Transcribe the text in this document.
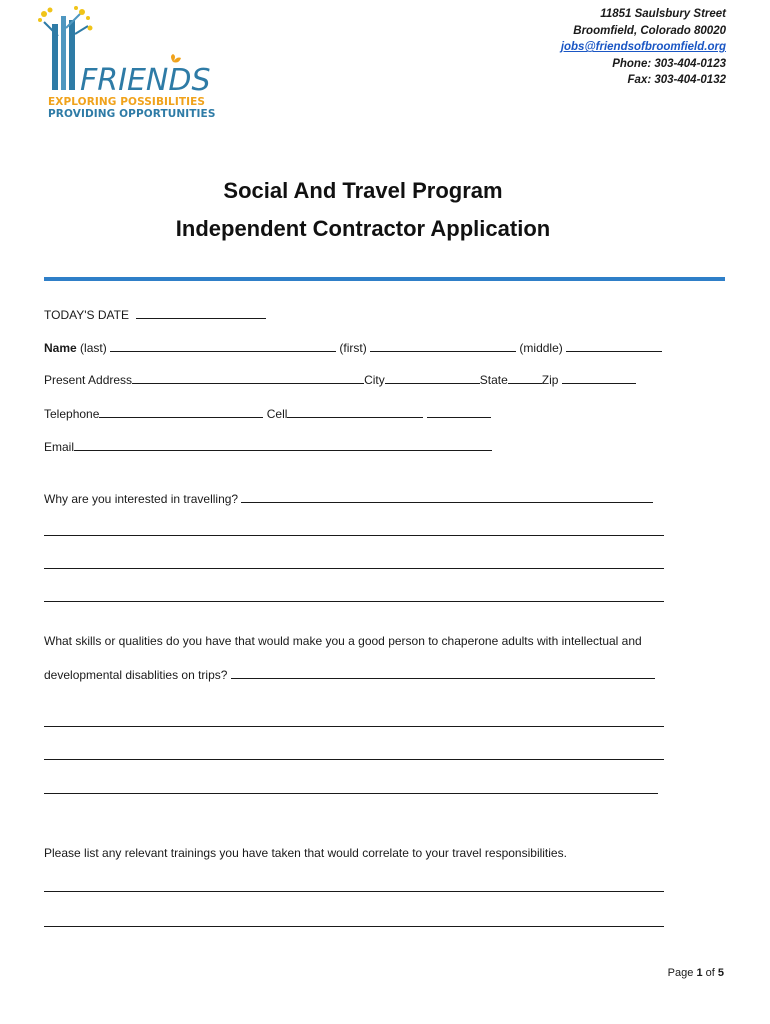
FRIENDS
EXPLORING POSSIBILITIES
PROVIDING OPPORTUNITIES
11851 Saulsbury Street
Broomfield, Colorado 80020
jobs@friendsofbroomfield.org
Phone: 303-404-0123
Fax: 303-404-0132
Social And Travel Program
Independent Contractor Application
TODAY'S DATE
Name (last)	(first)	(middle)
Present Address	City	State	Zip
Telephone	Cell
Email
Why are you interested in travelling?
What skills or qualities do you have that would make you a good person to chaperone adults with intellectual and
developmental disablities on trips?
Please list any relevant trainings you have taken that would correlate to your travel responsibilities.
Page 1 of 5
